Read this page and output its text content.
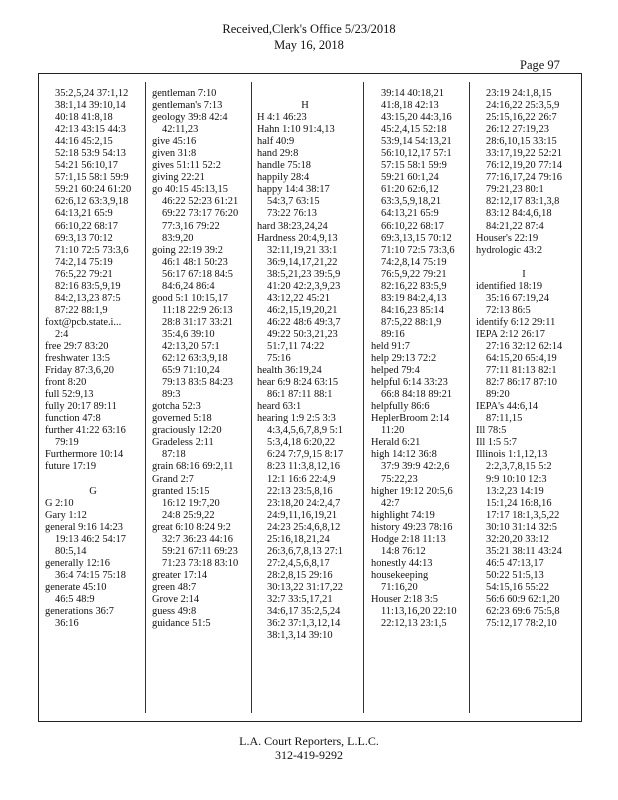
Received,Clerk's Office 5/23/2018
May 16, 2018
Page 97
35:2,5,24 37:1,12
38:1,14 39:10,14
40:18 41:8,18
42:13 43:15 44:3
44:16 45:2,15
52:18 53:9 54:13
54:21 56:10,17
57:1,15 58:1 59:9
59:21 60:24 61:20
62:6,12 63:3,9,18
64:13,21 65:9
66:10,22 68:17
69:3,13 70:12
71:10 72:5 73:3,6
74:2,14 75:19
76:5,22 79:21
82:16 83:5,9,19
84:2,13,23 87:5
87:22 88:1,9
foxt@pcb.state.i...
2:4
free 29:7 83:20
freshwater 13:5
Friday 87:3,6,20
front 8:20
full 52:9,13
fully 20:17 89:11
function 47:8
further 41:22 63:16
79:19
Furthermore 10:14
future 17:19
G
G 2:10
Gary 1:12
general 9:16 14:23
19:13 46:2 54:17
80:5,14
generally 12:16
36:4 74:15 75:18
generate 45:10
46:5 48:9
generations 36:7
36:16
gentleman 7:10
gentleman's 7:13
geology 39:8 42:4
42:11,23
give 45:16
given 31:8
gives 51:11 52:2
giving 22:21
go 40:15 45:13,15
46:22 52:23 61:21
69:22 73:17 76:20
77:3,16 79:22
83:9,20
going 22:19 39:2
46:1 48:1 50:23
56:17 67:18 84:5
84:6,24 86:4
good 5:1 10:15,17
11:18 22:9 26:13
28:8 31:17 33:21
35:4,6 39:10
42:13,20 57:1
62:12 63:3,9,18
65:9 71:10,24
79:13 83:5 84:23
89:3
gotcha 52:3
governed 5:18
graciously 12:20
Gradeless 2:11
87:18
grain 68:16 69:2,11
Grand 2:7
granted 15:15
16:12 19:7,20
24:8 25:9,22
great 6:10 8:24 9:2
32:7 36:23 44:16
59:21 67:11 69:23
71:23 73:18 83:10
greater 17:14
green 48:7
Grove 2:14
guess 49:8
guidance 51:5
H
H 4:1 46:23
Hahn 1:10 91:4,13
half 40:9
hand 29:8
handle 75:18
happily 28:4
happy 14:4 38:17
54:3,7 63:15
73:22 76:13
hard 38:23,24,24
Hardness 20:4,9,13
32:11,19,21 33:1
36:9,14,17,21,22
38:5,21,23 39:5,9
41:20 42:2,3,9,23
43:12,22 45:21
46:2,15,19,20,21
46:22 48:6 49:3,7
49:22 50:3,21,23
51:7,11 74:22
75:16
health 36:19,24
hear 6:9 8:24 63:15
86:1 87:11 88:1
heard 63:1
hearing 1:9 2:5 3:3
4:3,4,5,6,7,8,9 5:1
5:3,4,18 6:20,22
6:24 7:7,9,15 8:17
8:23 11:3,8,12,16
12:1 16:6 22:4,9
22:13 23:5,8,16
23:18,20 24:2,4,7
24:9,11,16,19,21
24:23 25:4,6,8,12
25:16,18,21,24
26:3,6,7,8,13 27:1
27:2,4,5,6,8,17
28:2,8,15 29:16
30:13,22 31:17,22
32:7 33:5,17,21
34:6,17 35:2,5,24
36:2 37:1,3,12,14
38:1,3,14 39:10
39:14 40:18,21
41:8,18 42:13
43:15,20 44:3,16
45:2,4,15 52:18
53:9,14 54:13,21
56:10,12,17 57:1
57:15 58:1 59:9
59:21 60:1,24
61:20 62:6,12
63:3,5,9,18,21
64:13,21 65:9
66:10,22 68:17
69:3,13,15 70:12
71:10 72:5 73:3,6
74:2,8,14 75:19
76:5,9,22 79:21
82:16,22 83:5,9
83:19 84:2,4,13
84:16,23 85:14
87:5,22 88:1,9
89:16
held 91:7
help 29:13 72:2
helped 79:4
helpful 6:14 33:23
66:8 84:18 89:21
helpfully 86:6
HeplerBroom 2:14
11:20
Herald 6:21
high 14:12 36:8
37:9 39:9 42:2,6
75:22,23
higher 19:12 20:5,6
42:7
highlight 74:19
history 49:23 78:16
Hodge 2:18 11:13
14:8 76:12
honestly 44:13
housekeeping
71:16,20
Houser 2:18 3:5
11:13,16,20 22:10
22:12,13 23:1,5
23:19 24:1,8,15
24:16,22 25:3,5,9
25:15,16,22 26:7
26:12 27:19,23
28:6,10,15 33:15
33:17,19,22 52:21
76:12,19,20 77:14
77:16,17,24 79:16
79:21,23 80:1
82:12,17 83:1,3,8
83:12 84:4,6,18
84:21,22 87:4
Houser's 22:19
hydrologic 43:2
I
identified 18:19
35:16 67:19,24
72:13 86:5
identify 6:12 29:11
IEPA 2:12 26:17
27:16 32:12 62:14
64:15,20 65:4,19
77:11 81:13 82:1
82:7 86:17 87:10
89:20
IEPA's 44:6,14
87:11,15
Ill 78:5
Ill 1:5 5:7
Illinois 1:1,12,13
2:2,3,7,8,15 5:2
9:9 10:10 12:3
13:2,23 14:19
15:1,24 16:8,16
17:17 18:1,3,5,22
30:10 31:14 32:5
32:20,20 33:12
35:21 38:11 43:24
46:5 47:13,17
50:22 51:5,13
54:15,16 55:22
56:6 60:9 62:1,20
62:23 69:6 75:5,8
75:12,17 78:2,10
L.A. Court Reporters, L.L.C.
312-419-9292
